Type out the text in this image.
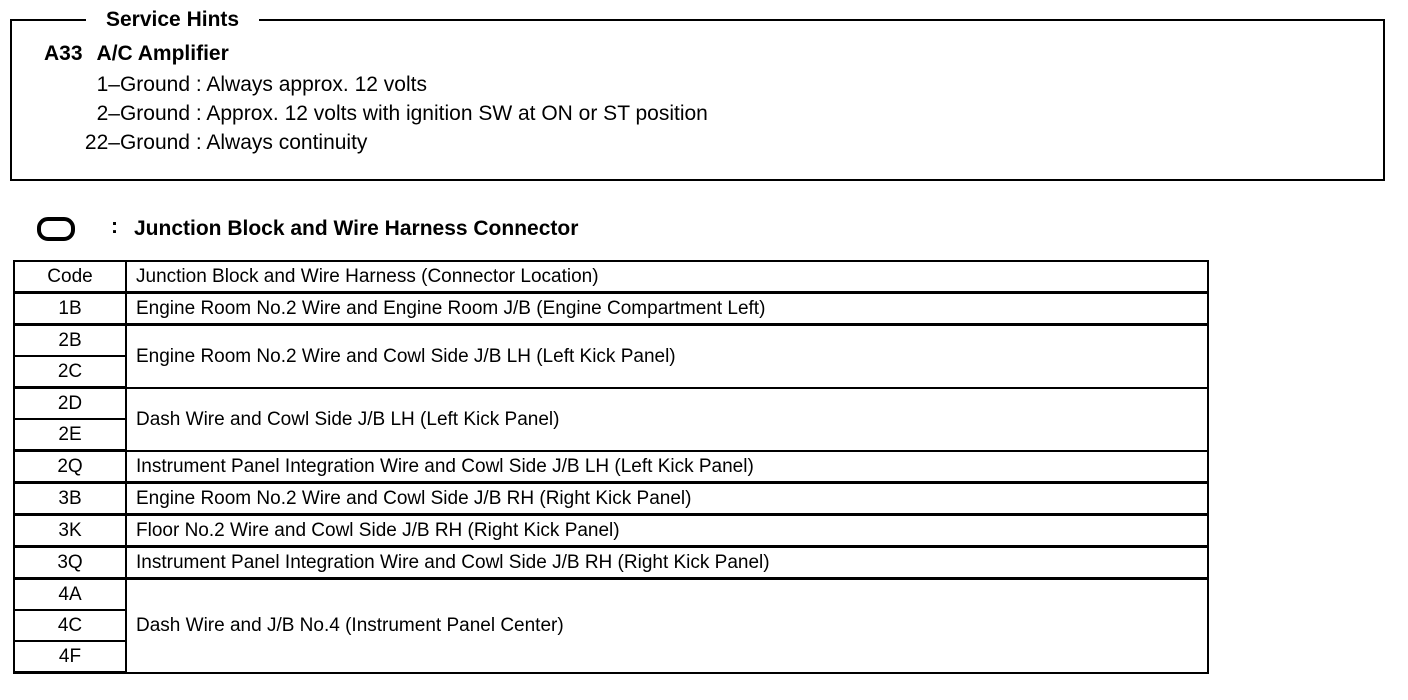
Service Hints
A33 A/C Amplifier
1–Ground : Always approx. 12 volts
2–Ground : Approx. 12 volts with ignition SW at ON or ST position
22–Ground : Always continuity
: Junction Block and Wire Harness Connector
Code	Junction Block and Wire Harness (Connector Location)
1B	Engine Room No.2 Wire and Engine Room J/B (Engine Compartment Left)
2B	Engine Room No.2 Wire and Cowl Side J/B LH (Left Kick Panel)
2C	
2D	Dash Wire and Cowl Side J/B LH (Left Kick Panel)
2E	
2Q	Instrument Panel Integration Wire and Cowl Side J/B LH (Left Kick Panel)
3B	Engine Room No.2 Wire and Cowl Side J/B RH (Right Kick Panel)
3K	Floor No.2 Wire and Cowl Side J/B RH (Right Kick Panel)
3Q	Instrument Panel Integration Wire and Cowl Side J/B RH (Right Kick Panel)
4A	Dash Wire and J/B No.4 (Instrument Panel Center)
4C	
4F	
